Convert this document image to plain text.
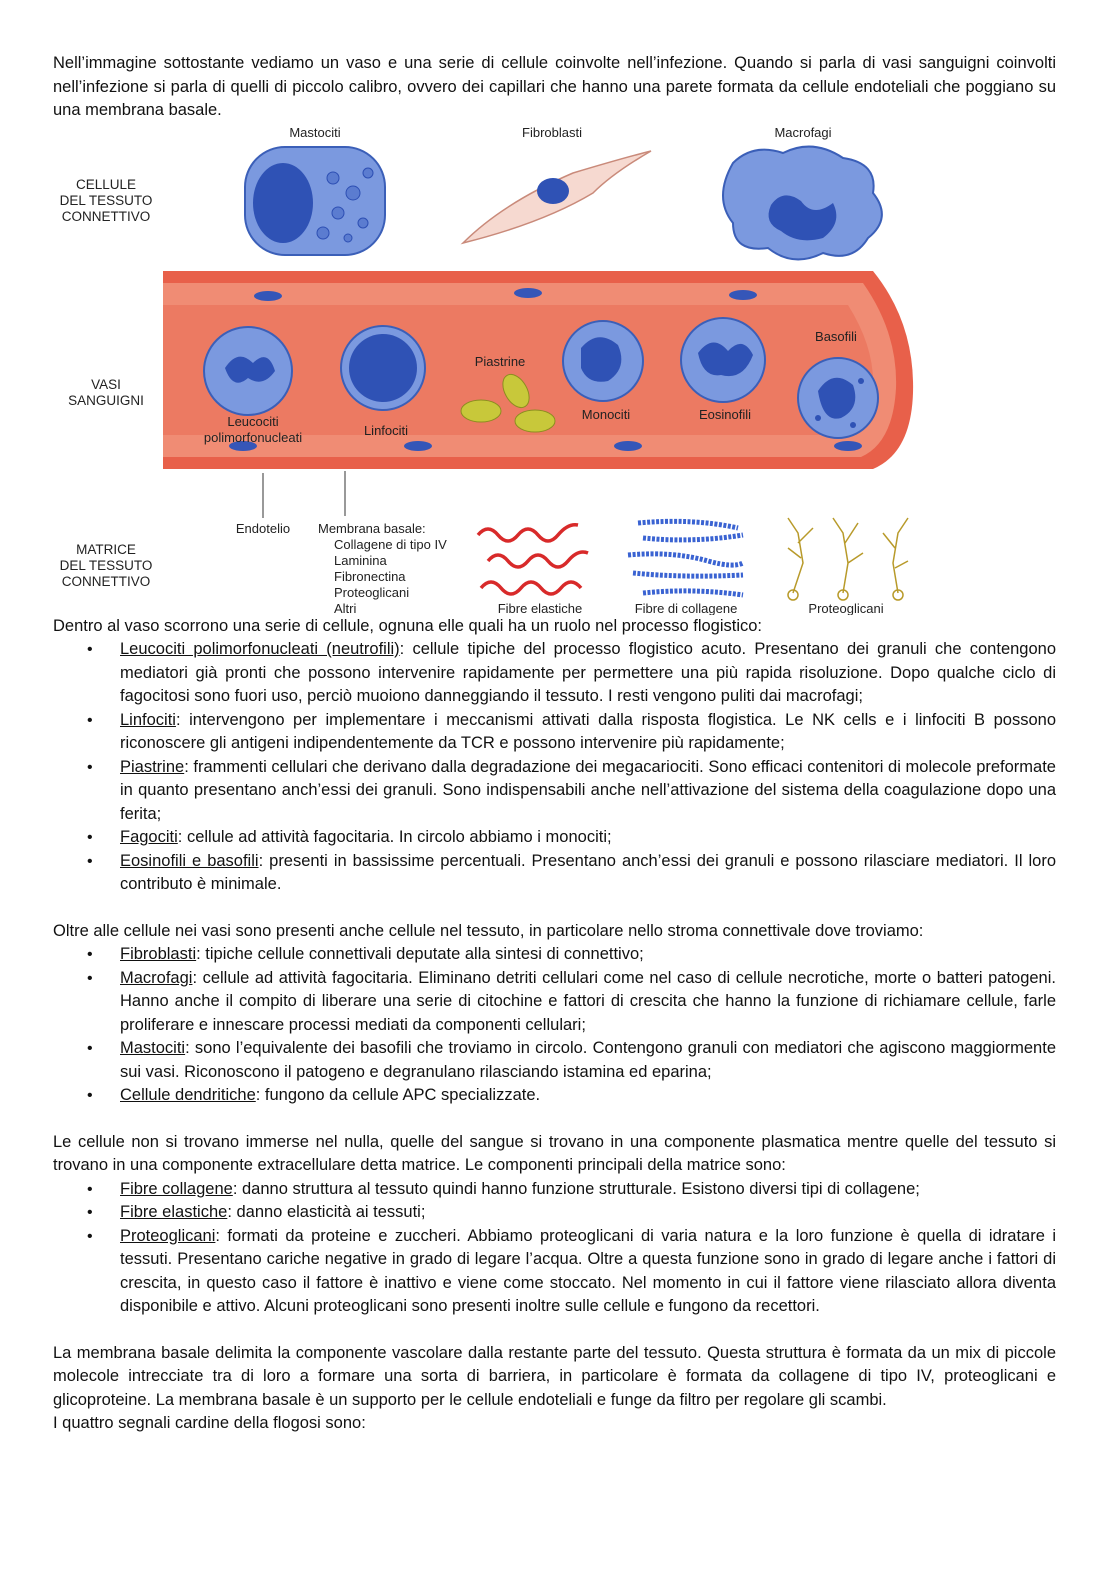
Nell’immagine sottostante vediamo un vaso e una serie di cellule coinvolte nell’infezione. Quando si parla di vasi sanguigni coinvolti nell’infezione si parla di quelli di piccolo calibro, ovvero dei capillari che hanno una parete formata da cellule endoteliali che poggiano su una membrana basale.

CELLULE
DEL TESSUTO
CONNETTIVO
VASI
SANGUIGNI
MATRICE
DEL TESSUTO
CONNETTIVO
Mastociti	Fibroblasti	Macrofagi
Leucociti
polimorfonucleati	Linfociti
Piastrine
Monociti	Eosinofili
Basofili
Endotelio Membrana basale:
Collagene di tipo IV
Laminina
Fibronectina
Proteoglicani
Altri	Fibre elastiche	Fibre di collagene	Proteoglicani

Dentro al vaso scorrono una serie di cellule, ognuna elle quali ha un ruolo nel processo flogistico:

• Leucociti polimorfonucleati (neutrofili): cellule tipiche del processo flogistico acuto. Presentano dei granuli che contengono mediatori già pronti che possono intervenire rapidamente per permettere una più rapida risoluzione. Dopo qualche ciclo di fagocitosi sono fuori uso, perciò muoiono danneggiando il tessuto. I resti vengono puliti dai macrofagi;
• Linfociti: intervengono per implementare i meccanismi attivati dalla risposta flogistica. Le NK cells e i linfociti B possono riconoscere gli antigeni indipendentemente da TCR e possono intervenire più rapidamente;
• Piastrine: frammenti cellulari che derivano dalla degradazione dei megacariociti. Sono efficaci contenitori di molecole preformate in quanto presentano anch’essi dei granuli. Sono indispensabili anche nell’attivazione del sistema della coagulazione dopo una ferita;
• Fagociti: cellule ad attività fagocitaria. In circolo abbiamo i monociti;
• Eosinofili e basofili: presenti in bassissime percentuali. Presentano anch’essi dei granuli e possono rilasciare mediatori. Il loro contributo è minimale.

Oltre alle cellule nei vasi sono presenti anche cellule nel tessuto, in particolare nello stroma connettivale dove troviamo:

• Fibroblasti: tipiche cellule connettivali deputate alla sintesi di connettivo;
• Macrofagi: cellule ad attività fagocitaria. Eliminano detriti cellulari come nel caso di cellule necrotiche, morte o batteri patogeni. Hanno anche il compito di liberare una serie di citochine e fattori di crescita che hanno la funzione di richiamare cellule, farle proliferare e innescare processi mediati da componenti cellulari;
• Mastociti: sono l’equivalente dei basofili che troviamo in circolo. Contengono granuli con mediatori che agiscono maggiormente sui vasi. Riconoscono il patogeno e degranulano rilasciando istamina ed eparina;
• Cellule dendritiche: fungono da cellule APC specializzate.

Le cellule non si trovano immerse nel nulla, quelle del sangue si trovano in una componente plasmatica mentre quelle del tessuto si trovano in una componente extracellulare detta matrice. Le componenti principali della matrice sono:

• Fibre collagene: danno struttura al tessuto quindi hanno funzione strutturale. Esistono diversi tipi di collagene;
• Fibre elastiche: danno elasticità ai tessuti;
• Proteoglicani: formati da proteine e zuccheri. Abbiamo proteoglicani di varia natura e la loro funzione è quella di idratare i tessuti. Presentano cariche negative in grado di legare l’acqua. Oltre a questa funzione sono in grado di legare anche i fattori di crescita, in questo caso il fattore è inattivo e viene come stoccato. Nel momento in cui il fattore viene rilasciato allora diventa disponibile e attivo. Alcuni proteoglicani sono presenti inoltre sulle cellule e fungono da recettori.

La membrana basale delimita la componente vascolare dalla restante parte del tessuto. Questa struttura è formata da un mix di piccole molecole intrecciate tra di loro a formare una sorta di barriera, in particolare è formata da collagene di tipo IV, proteoglicani e glicoproteine. La membrana basale è un supporto per le cellule endoteliali e funge da filtro per regolare gli scambi.

I quattro segnali cardine della flogosi sono:
